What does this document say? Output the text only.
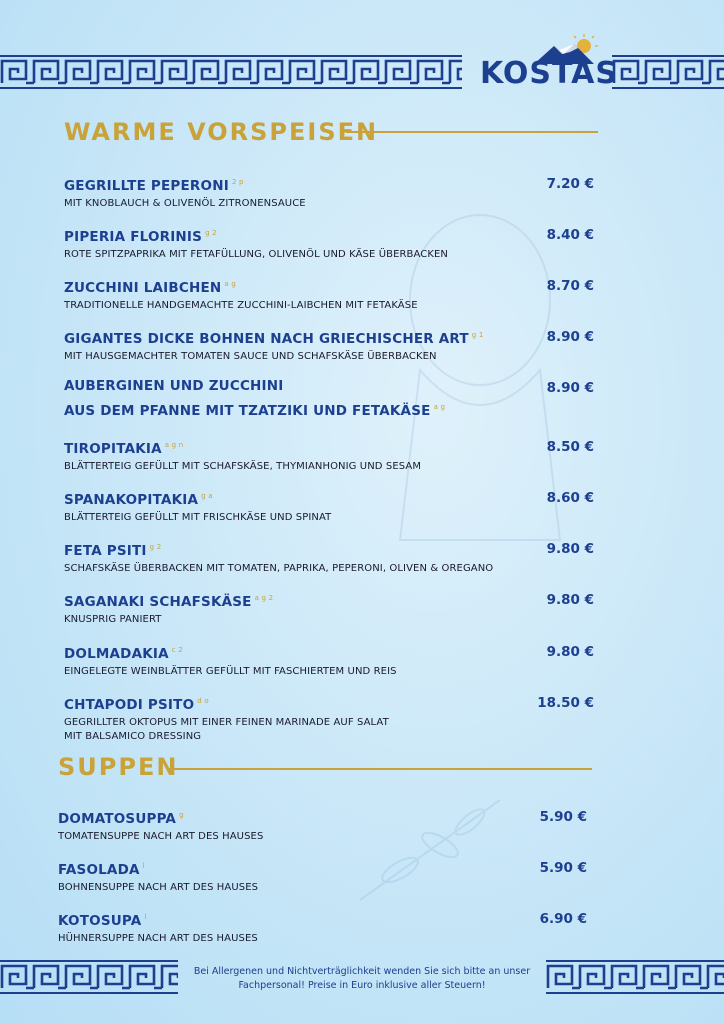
KOSTAS
WARME VORSPEISEN
SUPPEN
GEGRILLTE PEPERONI $^{2 p}$
MIT KNOBLAUCH & OLIVENÖL ZITRONENSAUCE
7.20 €
PIPERIA FLORINIS $^{g 2}$
ROTE SPITZPAPRIKA MIT FETAFÜLLUNG, OLIVENÖL UND KÄSE ÜBERBACKEN
8.40 €
ZUCCHINI LAIBCHEN $^{a g}$
TRADITIONELLE HANDGEMACHTE ZUCCHINI-LAIBCHEN MIT FETAKÄSE
8.70 €
GIGANTES DICKE BOHNEN NACH GRIECHISCHER ART $^{g 1}$
MIT HAUSGEMACHTER TOMATEN SAUCE UND SCHAFSKÄSE ÜBERBACKEN
8.90 €
AUBERGINEN UND ZUCCHINI
AUS DEM PFANNE MIT TZATZIKI UND FETAKÄSE $^{a g}$
8.90 €
TIROPITAKIA $^{a g n}$
BLÄTTERTEIG GEFÜLLT MIT SCHAFSKÄSE, THYMIANHONIG UND SESAM
8.50 €
SPANAKOPITAKIA $^{g a}$
BLÄTTERTEIG GEFÜLLT MIT FRISCHKÄSE UND SPINAT
8.60 €
FETA PSITI $^{g 2}$
SCHAFSKÄSE ÜBERBACKEN MIT TOMATEN, PAPRIKA, PEPERONI, OLIVEN & OREGANO
9.80 €
SAGANAKI SCHAFSKÄSE $^{a g 2}$
KNUSPRIG PANIERT
9.80 €
DOLMADAKIA $^{c 2}$
EINGELEGTE WEINBLÄTTER GEFÜLLT MIT FASCHIERTEM UND REIS
9.80 €
CHTAPODI PSITO $^{d o}$
GEGRILLTER OKTOPUS MIT EINER FEINEN MARINADE AUF SALAT
MIT BALSAMICO DRESSING
18.50 €
DOMATOSUPPA $^g$
TOMATENSUPPE NACH ART DES HAUSES
5.90 €
FASOLADA $^l$
BOHNENSUPPE NACH ART DES HAUSES
5.90 €
KOTOSUPA $^l$
HÜHNERSUPPE NACH ART DES HAUSES
6.90 €
Bei Allergenen und Nichtverträglichkeit wenden Sie sich bitte an unser
Fachpersonal! Preise in Euro inklusive aller Steuern!
